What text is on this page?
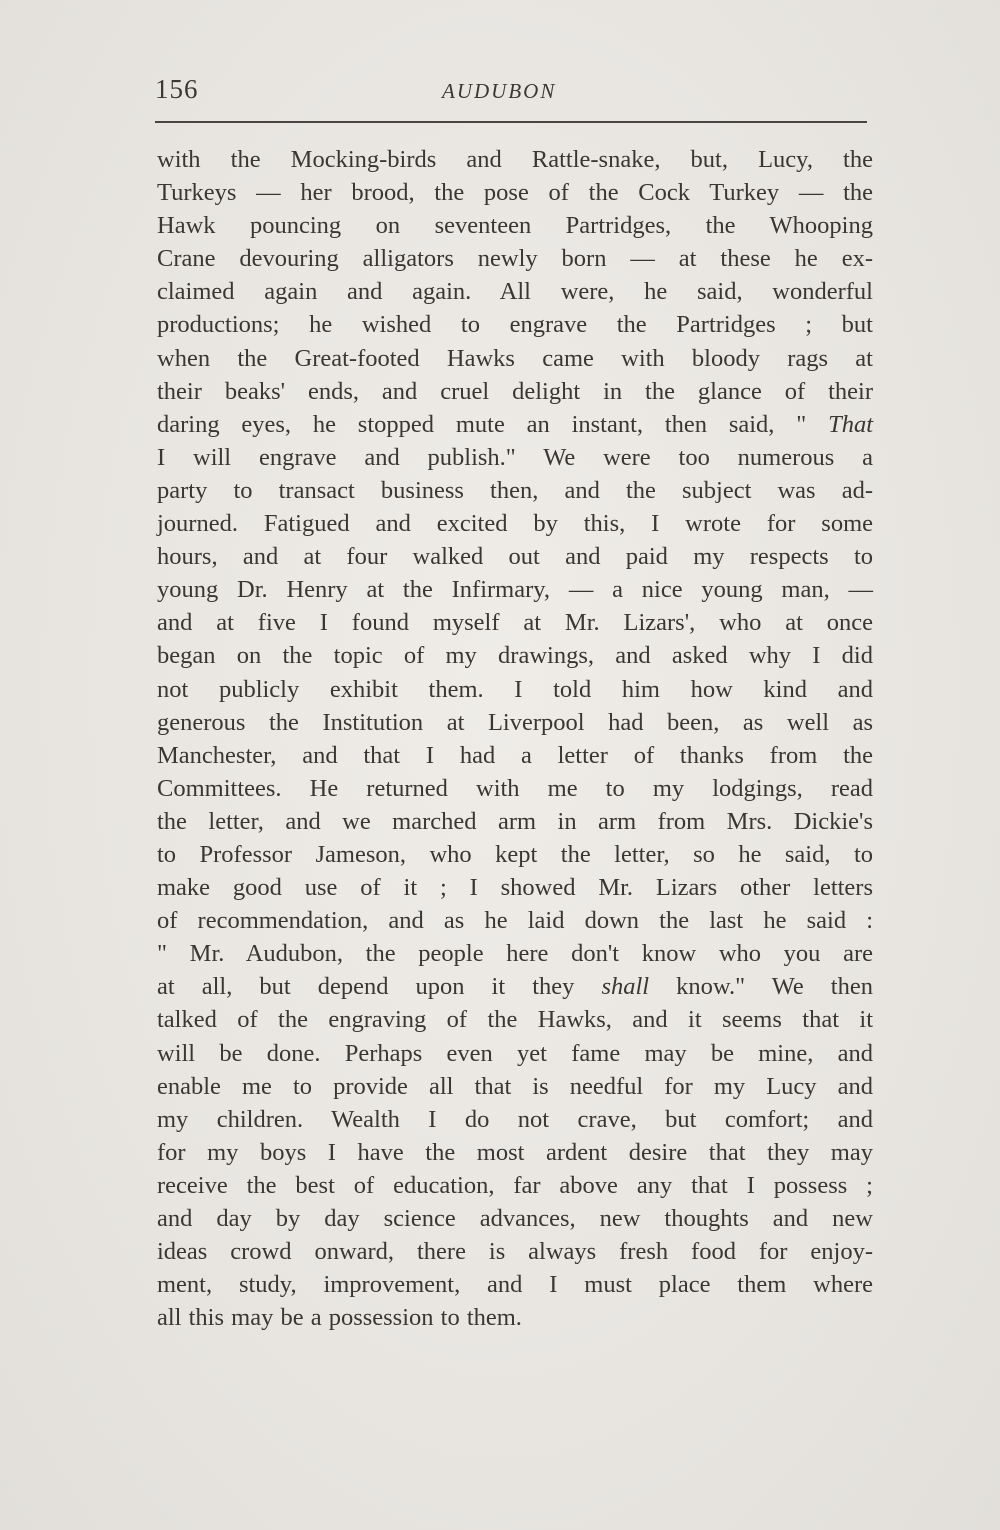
156	AUDUBON
with the Mocking-birds and Rattle-snake, but, Lucy, the
Turkeys — her brood, the pose of the Cock Turkey — the
Hawk pouncing on seventeen Partridges, the Whooping
Crane devouring alligators newly born — at these he ex-
claimed again and again. All were, he said, wonderful
productions; he wished to engrave the Partridges ; but
when the Great-footed Hawks came with bloody rags at
their beaks' ends, and cruel delight in the glance of their
daring eyes, he stopped mute an instant, then said, " That
I will engrave and publish." We were too numerous a
party to transact business then, and the subject was ad-
journed. Fatigued and excited by this, I wrote for some
hours, and at four walked out and paid my respects to
young Dr. Henry at the Infirmary, — a nice young man, —
and at five I found myself at Mr. Lizars', who at once
began on the topic of my drawings, and asked why I did
not publicly exhibit them. I told him how kind and
generous the Institution at Liverpool had been, as well as
Manchester, and that I had a letter of thanks from the
Committees. He returned with me to my lodgings, read
the letter, and we marched arm in arm from Mrs. Dickie's
to Professor Jameson, who kept the letter, so he said, to
make good use of it ; I showed Mr. Lizars other letters
of recommendation, and as he laid down the last he said :
" Mr. Audubon, the people here don't know who you are
at all, but depend upon it they shall know." We then
talked of the engraving of the Hawks, and it seems that it
will be done. Perhaps even yet fame may be mine, and
enable me to provide all that is needful for my Lucy and
my children. Wealth I do not crave, but comfort; and
for my boys I have the most ardent desire that they may
receive the best of education, far above any that I possess ;
and day by day science advances, new thoughts and new
ideas crowd onward, there is always fresh food for enjoy-
ment, study, improvement, and I must place them where
all this may be a possession to them.
